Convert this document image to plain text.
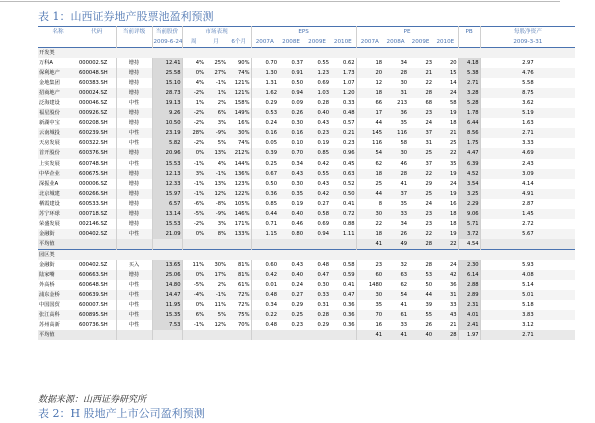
表 1：山西证券地产股票池盈利预测
名称	代码	当前评级	当前股价	市场表现			EPS				PE				PB	每股净资产
			2009-6-24	周	月	6个月	2007A	2008E	2009E	2010E	2007A	2008A	2009E	2010E		2009-3-31
开发类																
万科A	000002.SZ	增持	12.41	4%	25%	90%	0.70	0.37	0.55	0.62	18	34	23	20	4.18	2.97
保利地产	600048.SH	增持	25.58	0%	27%	74%	1.30	0.91	1.23	1.73	20	28	21	15	5.38	4.76
金地集团	600383.SH	增持	15.10	4%	-1%	121%	1.31	0.50	0.69	1.07	12	30	22	14	2.71	5.58
招商地产	000024.SZ	增持	28.73	-2%	1%	121%	1.62	0.94	1.03	1.20	18	31	28	24	3.28	8.75
泛海建设	000046.SZ	中性	19.13	1%	2%	158%	0.29	0.09	0.28	0.33	66	213	68	58	5.28	3.62
福星股份	000926.SZ	增持	9.26	-2%	6%	149%	0.53	0.26	0.40	0.48	17	36	23	19	1.78	5.19
新湖中宝	600208.SH	增持	10.50	-2%	3%	16%	0.24	0.30	0.43	0.57	44	35	24	18	6.44	1.63
云南城投	600239.SH	中性	23.19	28%	-9%	30%	0.16	0.16	0.23	0.21	145	116	37	21	8.56	2.71
天房发展	600322.SH	中性	5.82	-2%	5%	74%	0.05	0.10	0.19	0.23	116	58	31	25	1.75	3.33
首开股份	600376.SH	增持	20.96	0%	13%	212%	0.39	0.70	0.85	0.96	54	30	25	22	4.47	4.69
上实发展	600748.SH	中性	15.53	-1%	4%	144%	0.25	0.34	0.42	0.45	62	46	37	35	6.39	2.43
中华企业	600675.SH	增持	12.13	3%	-1%	136%	0.67	0.43	0.55	0.63	18	28	22	19	4.52	3.09
深振业A	000006.SZ	增持	12.33	-1%	13%	123%	0.50	0.30	0.43	0.52	25	41	29	24	3.54	4.14
北京城建	600266.SH	增持	15.97	-1%	12%	122%	0.36	0.35	0.42	0.50	44	37	25	19	3.25	4.91
栖霞建设	600533.SH	增持	6.57	-6%	-8%	105%	0.85	0.19	0.27	0.41	8	35	24	16	2.29	2.87
苏宁环球	000718.SZ	增持	13.14	-5%	-9%	146%	0.44	0.40	0.58	0.72	30	33	23	18	9.06	1.45
荣盛发展	002146.SZ	增持	15.53	-2%	3%	171%	0.71	0.46	0.69	0.88	22	34	23	18	5.71	2.72
金融街	000402.SZ	中性	21.09	0%	8%	133%	1.15	0.80	0.94	1.11	18	26	22	19	3.72	5.67
平均值											41	49	28	22	4.54	
园区类																
金融街	000402.SZ	买入	13.65	11%	30%	81%	0.60	0.43	0.48	0.58	23	32	28	24	2.30	5.93
陆家嘴	600663.SH	增持	25.06	0%	17%	81%	0.42	0.40	0.47	0.59	60	63	53	42	6.14	4.08
外高桥	600648.SH	中性	14.80	-5%	2%	61%	0.01	0.24	0.30	0.41	1480	62	50	36	2.88	5.14
浦东金桥	600639.SH	中性	14.47	-4%	-1%	72%	0.48	0.27	0.33	0.47	30	54	44	31	2.89	5.01
中国国贸	600007.SH	中性	11.95	0%	11%	72%	0.34	0.29	0.31	0.36	35	41	39	33	2.31	5.18
张江高科	600895.SH	中性	15.35	6%	5%	75%	0.22	0.25	0.28	0.36	70	61	55	43	4.01	3.83
苏州高新	600736.SH	中性	7.53	-1%	12%	70%	0.48	0.23	0.29	0.36	16	33	26	21	2.41	3.12
平均值											41	41	40	28	1.97	2.71
数据来源：山西证券研究所
表 2：H 股地产上市公司盈利预测
